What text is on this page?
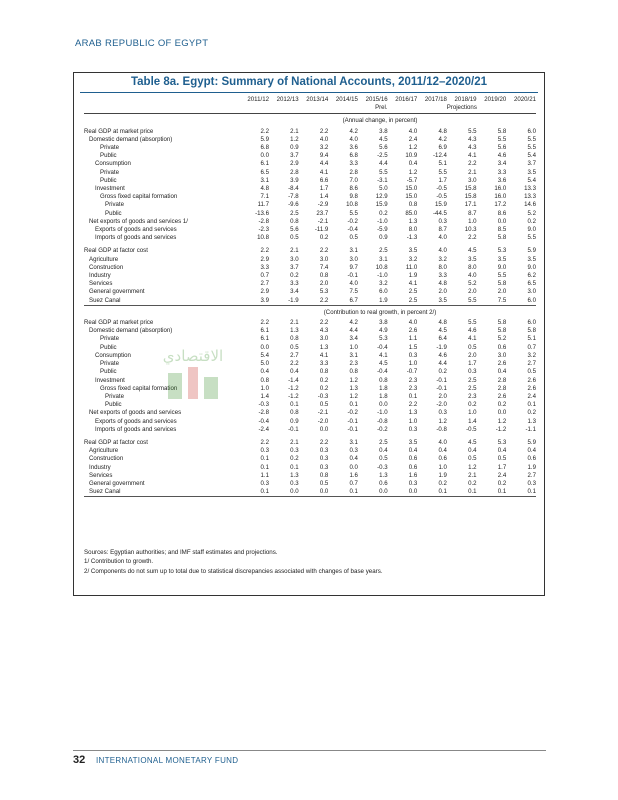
ARAB REPUBLIC OF EGYPT
Table 8a. Egypt: Summary of National Accounts, 2011/12–2020/21
	2011/12	2012/13	2013/14	2014/15	2015/16	2016/17	2017/18	2018/19	2019/20	2020/21
					Prel.	Projections				

(Annual change, in percent)										
Real GDP at market price	2.2	2.1	2.2	4.2	3.8	4.0	4.8	5.5	5.8	6.0
Domestic demand (absorption)	5.9	1.2	4.0	4.0	4.5	2.4	4.2	4.3	5.5	5.5
Private	6.8	0.9	3.2	3.6	5.6	1.2	6.9	4.3	5.6	5.5
Public	0.0	3.7	9.4	6.8	-2.5	10.9	-12.4	4.1	4.6	5.4
Consumption	6.1	2.9	4.4	3.3	4.4	0.4	5.1	2.2	3.4	3.7
Private	6.5	2.8	4.1	2.8	5.5	1.2	5.5	2.1	3.3	3.5
Public	3.1	3.9	6.6	7.0	-3.1	-5.7	1.7	3.0	3.6	5.4
Investment	4.8	-8.4	1.7	8.6	5.0	15.0	-0.5	15.8	16.0	13.3
Gross fixed capital formation	7.1	-7.8	1.4	9.8	12.9	15.0	-0.5	15.8	16.0	13.3
Private	11.7	-9.6	-2.9	10.8	15.9	0.8	15.9	17.1	17.2	14.6
Public	-13.6	2.5	23.7	5.5	0.2	85.0	-44.5	8.7	8.6	5.2
Net exports of goods and services 1/	-2.8	0.8	-2.1	-0.2	-1.0	1.3	0.3	1.0	0.0	0.2
Exports of goods and services	-2.3	5.6	-11.9	-0.4	-5.9	8.0	8.7	10.3	8.5	9.0
Imports of goods and services	10.8	0.5	0.2	0.5	0.9	-1.3	4.0	2.2	5.8	5.5

Real GDP at factor cost	2.2	2.1	2.2	3.1	2.5	3.5	4.0	4.5	5.3	5.9
Agriculture	2.9	3.0	3.0	3.0	3.1	3.2	3.2	3.5	3.5	3.5
Construction	3.3	3.7	7.4	9.7	10.8	11.0	8.0	8.0	9.0	9.0
Industry	0.7	0.2	0.8	-0.1	-1.0	1.9	3.3	4.0	5.5	6.2
Services	2.7	3.3	2.0	4.0	3.2	4.1	4.8	5.2	5.8	6.5
General government	2.9	3.4	5.3	7.5	6.0	2.5	2.0	2.0	2.0	3.0
Suez Canal	3.9	-1.9	2.2	6.7	1.9	2.5	3.5	5.5	7.5	6.0

(Contribution to real growth, in percent 2/)										
Real GDP at market price	2.2	2.1	2.2	4.2	3.8	4.0	4.8	5.5	5.8	6.0
Domestic demand (absorption)	6.1	1.3	4.3	4.4	4.9	2.6	4.5	4.6	5.8	5.8
Private	6.1	0.8	3.0	3.4	5.3	1.1	6.4	4.1	5.2	5.1
Public	0.0	0.5	1.3	1.0	-0.4	1.5	-1.9	0.5	0.6	0.7
Consumption	5.4	2.7	4.1	3.1	4.1	0.3	4.6	2.0	3.0	3.2
Private	5.0	2.2	3.3	2.3	4.5	1.0	4.4	1.7	2.6	2.7
Public	0.4	0.4	0.8	0.8	-0.4	-0.7	0.2	0.3	0.4	0.5
Investment	0.8	-1.4	0.2	1.2	0.8	2.3	-0.1	2.5	2.8	2.6
Gross fixed capital formation	1.0	-1.2	0.2	1.3	1.8	2.3	-0.1	2.5	2.8	2.6
Private	1.4	-1.2	-0.3	1.2	1.8	0.1	2.0	2.3	2.6	2.4
Public	-0.3	0.1	0.5	0.1	0.0	2.2	-2.0	0.2	0.2	0.1
Net exports of goods and services	-2.8	0.8	-2.1	-0.2	-1.0	1.3	0.3	1.0	0.0	0.2
Exports of goods and services	-0.4	0.9	-2.0	-0.1	-0.8	1.0	1.2	1.4	1.2	1.3
Imports of goods and services	-2.4	-0.1	0.0	-0.1	-0.2	0.3	-0.8	-0.5	-1.2	-1.1

Real GDP at factor cost	2.2	2.1	2.2	3.1	2.5	3.5	4.0	4.5	5.3	5.9
Agriculture	0.3	0.3	0.3	0.3	0.4	0.4	0.4	0.4	0.4	0.4
Construction	0.1	0.2	0.3	0.4	0.5	0.6	0.6	0.5	0.5	0.6
Industry	0.1	0.1	0.3	0.0	-0.3	0.6	1.0	1.2	1.7	1.9
Services	1.1	1.3	0.8	1.6	1.3	1.6	1.9	2.1	2.4	2.7
General government	0.3	0.3	0.5	0.7	0.6	0.3	0.2	0.2	0.2	0.3
Suez Canal	0.1	0.0	0.0	0.1	0.0	0.0	0.1	0.1	0.1	0.1

Sources: Egyptian authorities; and IMF staff estimates and projections.
1/ Contribution to growth.
2/ Components do not sum up to total due to statistical discrepancies associated with changes of base years.
الاقتصادي
32 INTERNATIONAL MONETARY FUND
